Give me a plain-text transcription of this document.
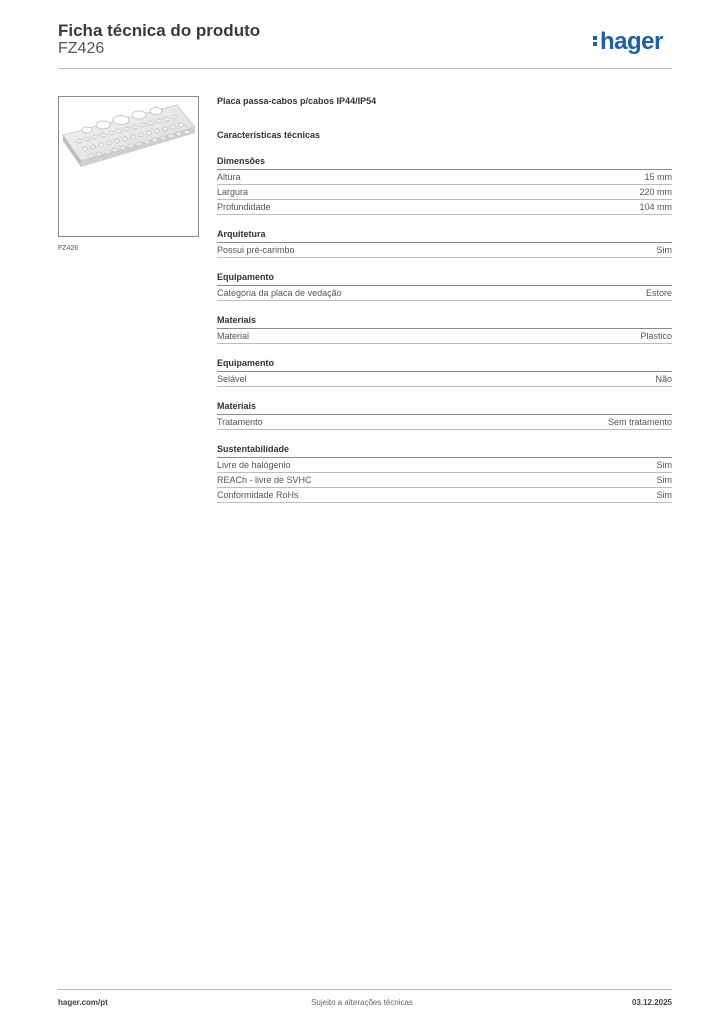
Ficha técnica do produto
FZ426	hager
FZ426
Placa passa-cabos p/cabos IP44/IP54
Características técnicas
Dimensões
Altura	15 mm
Largura	220 mm
Profundidade	104 mm
Arquitetura
Possui pré-carimbo	Sim
Equipamento
Categoria da placa de vedação	Estore
Materiais
Material	Plástico
Equipamento
Selável	Não
Materiais
Tratamento	Sem tratamento
Sustentabilidade
Livre de halógenio	Sim
REACh - livre de SVHC	Sim
Conformidade RoHs	Sim
hager.com/pt	Sujeito a alterações técnicas	03.12.2025
